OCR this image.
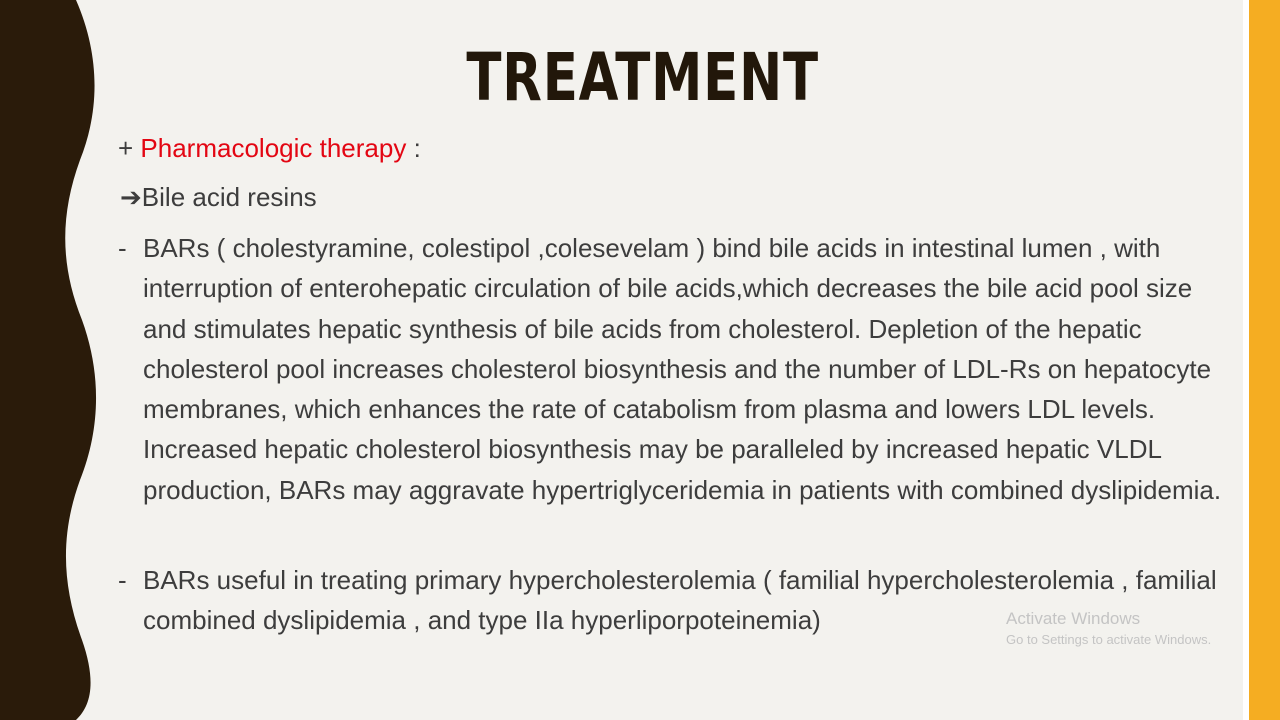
TREATMENT

+ Pharmacologic therapy :

➔Bile acid resins

- BARs ( cholestyramine, colestipol ,colesevelam ) bind bile acids in intestinal lumen , with interruption of enterohepatic circulation of bile acids,which decreases the bile acid pool size and stimulates hepatic synthesis of bile acids from cholesterol. Depletion of the hepatic cholesterol pool increases cholesterol biosynthesis and the number of LDL-Rs on hepatocyte membranes, which enhances the rate of catabolism from plasma and lowers LDL levels. Increased hepatic cholesterol biosynthesis may be paralleled by increased hepatic VLDL production, BARs may aggravate hypertriglyceridemia in patients with combined dyslipidemia.

- BARs useful in treating primary hypercholesterolemia ( familial hypercholesterolemia , familial combined dyslipidemia , and type IIa hyperliporpoteinemia)	Activate Windows
Go to Settings to activate Windows.
